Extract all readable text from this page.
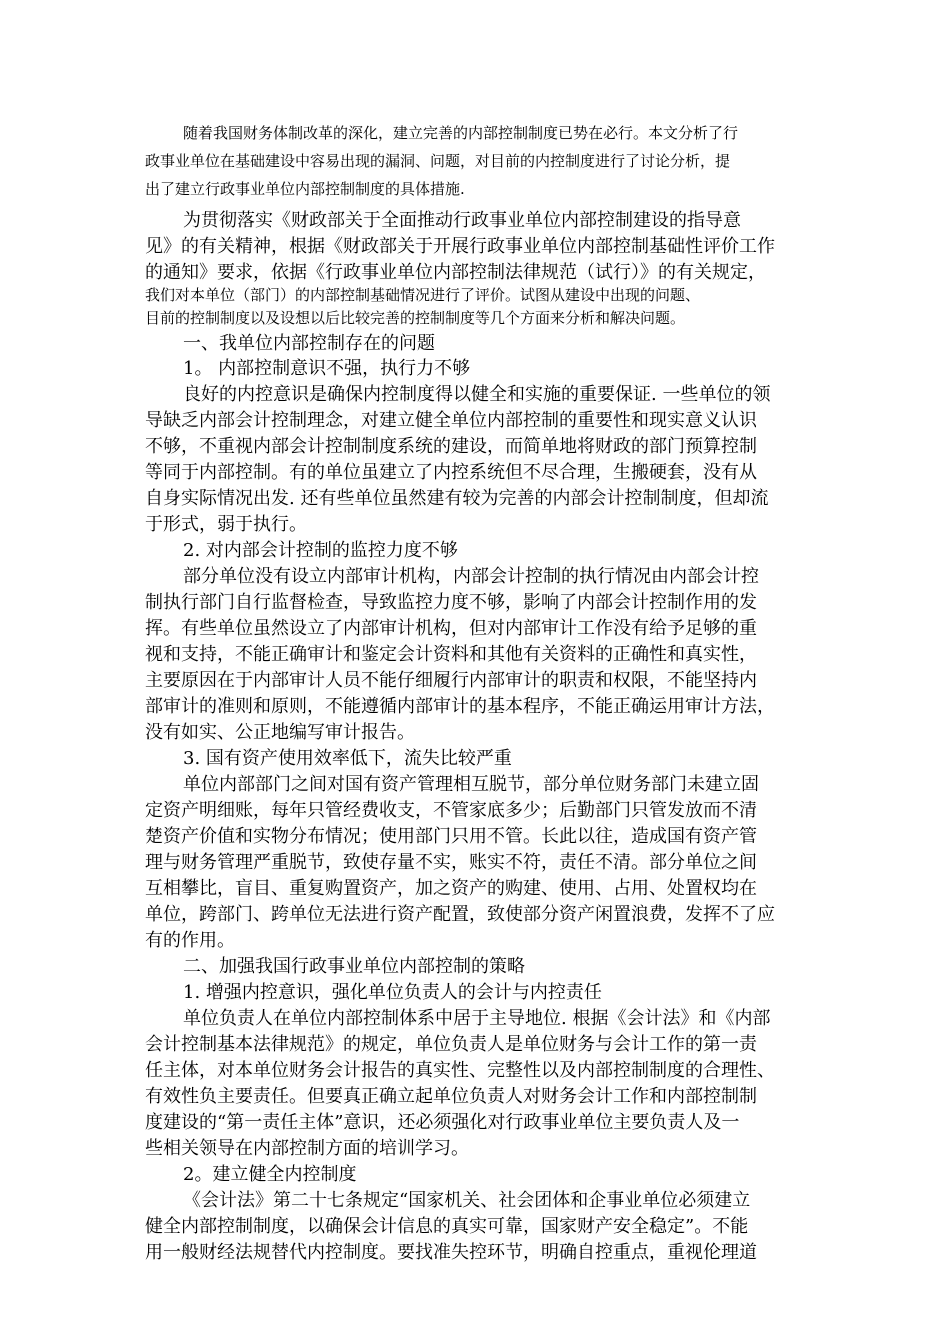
随着我国财务体制改革的深化，建立完善的内部控制制度已势在必行。本文分析了行
政事业单位在基础建设中容易出现的漏洞、问题，对目前的内控制度进行了讨论分析，提
出了建立行政事业单位内部控制制度的具体措施.
为贯彻落实《财政部关于全面推动行政事业单位内部控制建设的指导意
见》的有关精神，根据《财政部关于开展行政事业单位内部控制基础性评价工作
的通知》要求，依据《行政事业单位内部控制法律规范（试行）》的有关规定，
我们对本单位（部门）的内部控制基础情况进行了评价。试图从建设中出现的问题、
目前的控制制度以及设想以后比较完善的控制制度等几个方面来分析和解决问题。
一、我单位内部控制存在的问题
1。 内部控制意识不强，执行力不够
良好的内控意识是确保内控制度得以健全和实施的重要保证. 一些单位的领
导缺乏内部会计控制理念，对建立健全单位内部控制的重要性和现实意义认识
不够，不重视内部会计控制制度系统的建设，而简单地将财政的部门预算控制
等同于内部控制。有的单位虽建立了内控系统但不尽合理，生搬硬套，没有从
自身实际情况出发. 还有些单位虽然建有较为完善的内部会计控制制度，但却流
于形式，弱于执行。
2. 对内部会计控制的监控力度不够
部分单位没有设立内部审计机构，内部会计控制的执行情况由内部会计控
制执行部门自行监督检查，导致监控力度不够，影响了内部会计控制作用的发
挥。有些单位虽然设立了内部审计机构，但对内部审计工作没有给予足够的重
视和支持，不能正确审计和鉴定会计资料和其他有关资料的正确性和真实性，
主要原因在于内部审计人员不能仔细履行内部审计的职责和权限，不能坚持内
部审计的准则和原则，不能遵循内部审计的基本程序，不能正确运用审计方法，
没有如实、公正地编写审计报告。
3. 国有资产使用效率低下，流失比较严重
单位内部部门之间对国有资产管理相互脱节，部分单位财务部门未建立固
定资产明细账，每年只管经费收支，不管家底多少；后勤部门只管发放而不清
楚资产价值和实物分布情况；使用部门只用不管。长此以往，造成国有资产管
理与财务管理严重脱节，致使存量不实，账实不符，责任不清。部分单位之间
互相攀比，盲目、重复购置资产，加之资产的购建、使用、占用、处置权均在
单位，跨部门、跨单位无法进行资产配置，致使部分资产闲置浪费，发挥不了应
有的作用。
二、加强我国行政事业单位内部控制的策略
1. 增强内控意识，强化单位负责人的会计与内控责任
单位负责人在单位内部控制体系中居于主导地位. 根据《会计法》和《内部
会计控制基本法律规范》的规定，单位负责人是单位财务与会计工作的第一责
任主体，对本单位财务会计报告的真实性、完整性以及内部控制制度的合理性、
有效性负主要责任。但要真正确立起单位负责人对财务会计工作和内部控制制
度建设的“第一责任主体”意识，还必须强化对行政事业单位主要负责人及一
些相关领导在内部控制方面的培训学习。
2。建立健全内控制度
《会计法》第二十七条规定“国家机关、社会团体和企事业单位必须建立
健全内部控制制度，以确保会计信息的真实可靠，国家财产安全稳定”。不能
用一般财经法规替代内控制度。要找准失控环节，明确自控重点，重视伦理道
